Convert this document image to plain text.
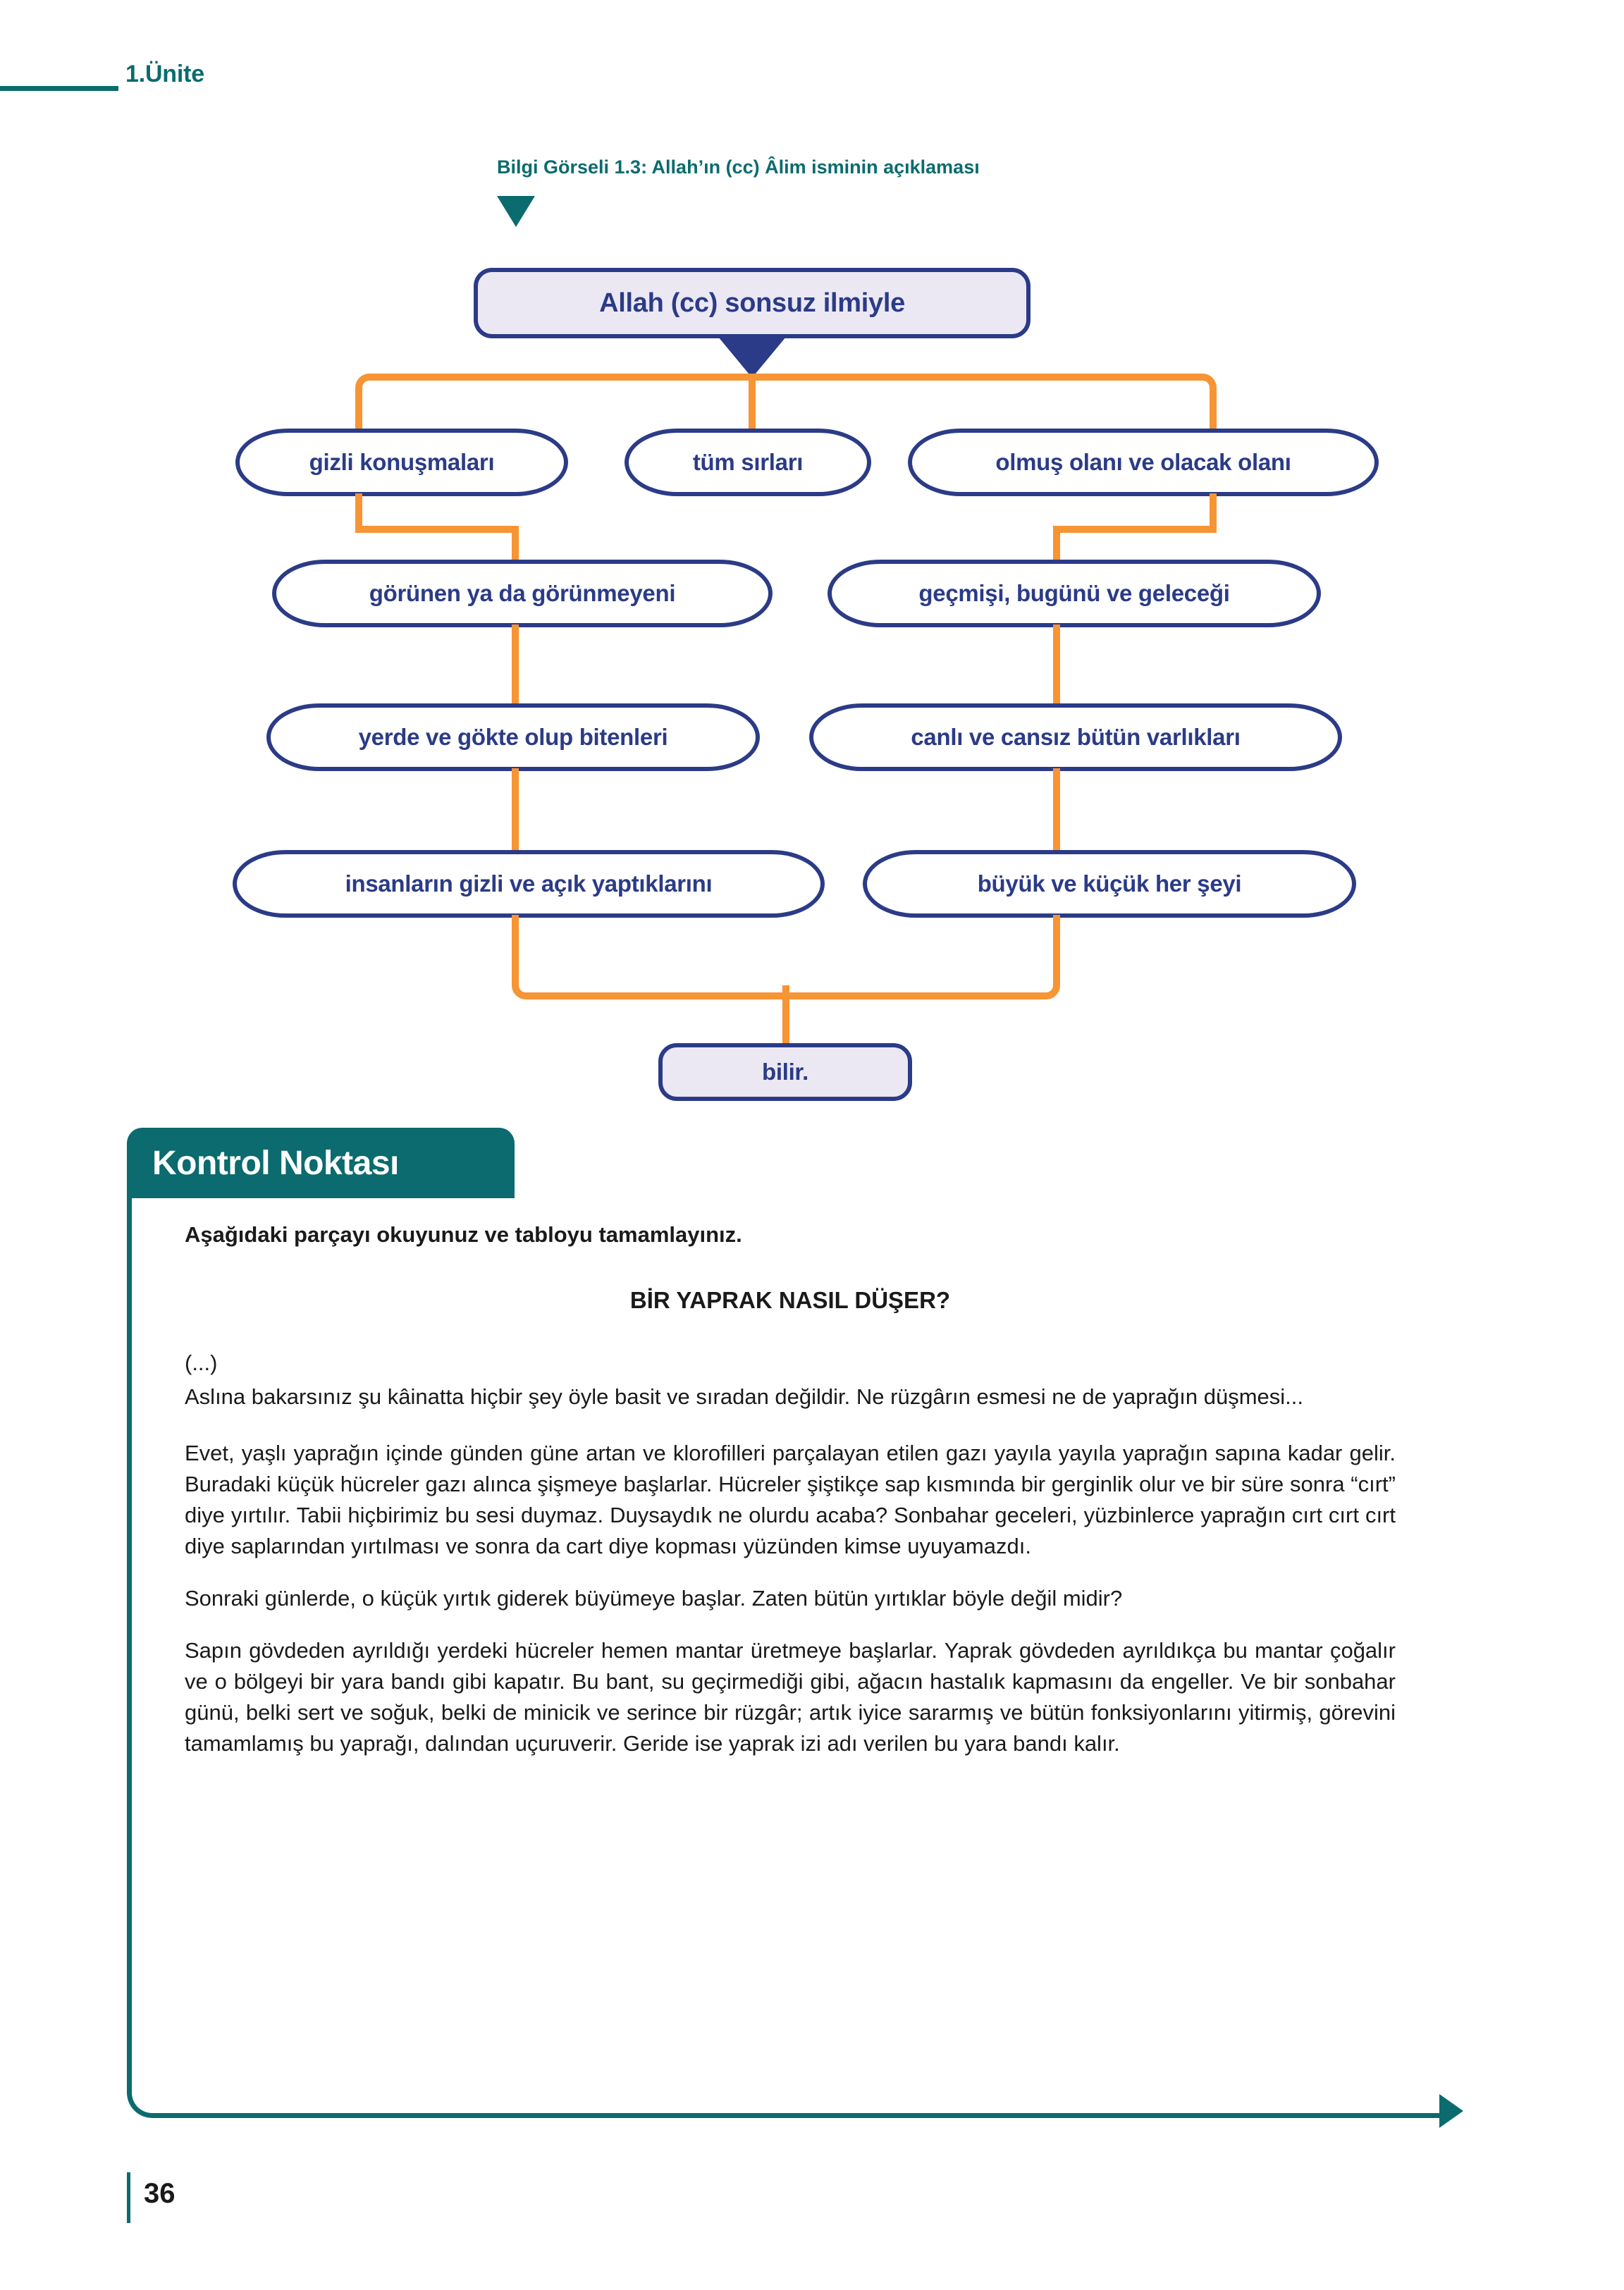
1.Ünite
Bilgi Görseli 1.3: Allah’ın (cc) Âlim isminin açıklaması
Allah (cc) sonsuz ilmiyle
gizli konuşmaları	tüm sırları	olmuş olanı ve olacak olanı
görünen ya da görünmeyeni	geçmişi, bugünü ve geleceği
yerde ve gökte olup bitenleri	canlı ve cansız bütün varlıkları
insanların gizli ve açık yaptıklarını	büyük ve küçük her şeyi
bilir.
Kontrol Noktası

Aşağıdaki parçayı okuyunuz ve tabloyu tamamlayınız.

BİR YAPRAK NASIL DÜŞER?

(...)

Aslına bakarsınız şu kâinatta hiçbir şey öyle basit ve sıradan değildir. Ne rüzgârın esmesi ne de yaprağın düşmesi...

Evet, yaşlı yaprağın içinde günden güne artan ve klorofilleri parçalayan etilen gazı yayıla yayıla yaprağın sapına kadar gelir. Buradaki küçük hücreler gazı alınca şişmeye başlarlar. Hücreler şiştikçe sap kısmında bir gerginlik olur ve bir süre sonra “cırt” diye yırtılır. Tabii hiçbirimiz bu sesi duymaz. Duysaydık ne olurdu acaba? Sonbahar geceleri, yüzbinlerce yaprağın cırt cırt cırt diye saplarından yırtılması ve sonra da cart diye kopması yüzünden kimse uyuyamazdı.

Sonraki günlerde, o küçük yırtık giderek büyümeye başlar. Zaten bütün yırtıklar böyle değil midir?

Sapın gövdeden ayrıldığı yerdeki hücreler hemen mantar üretmeye başlarlar. Yaprak gövdeden ayrıldıkça bu mantar çoğalır ve o bölgeyi bir yara bandı gibi kapatır. Bu bant, su geçirmediği gibi, ağacın hastalık kapmasını da engeller. Ve bir sonbahar günü, belki sert ve soğuk, belki de minicik ve serince bir rüzgâr; artık iyice sararmış ve bütün fonksiyonlarını yitirmiş, görevini tamamlamış bu yaprağı, dalından uçuruverir. Geride ise yaprak izi adı verilen bu yara bandı kalır.

36
